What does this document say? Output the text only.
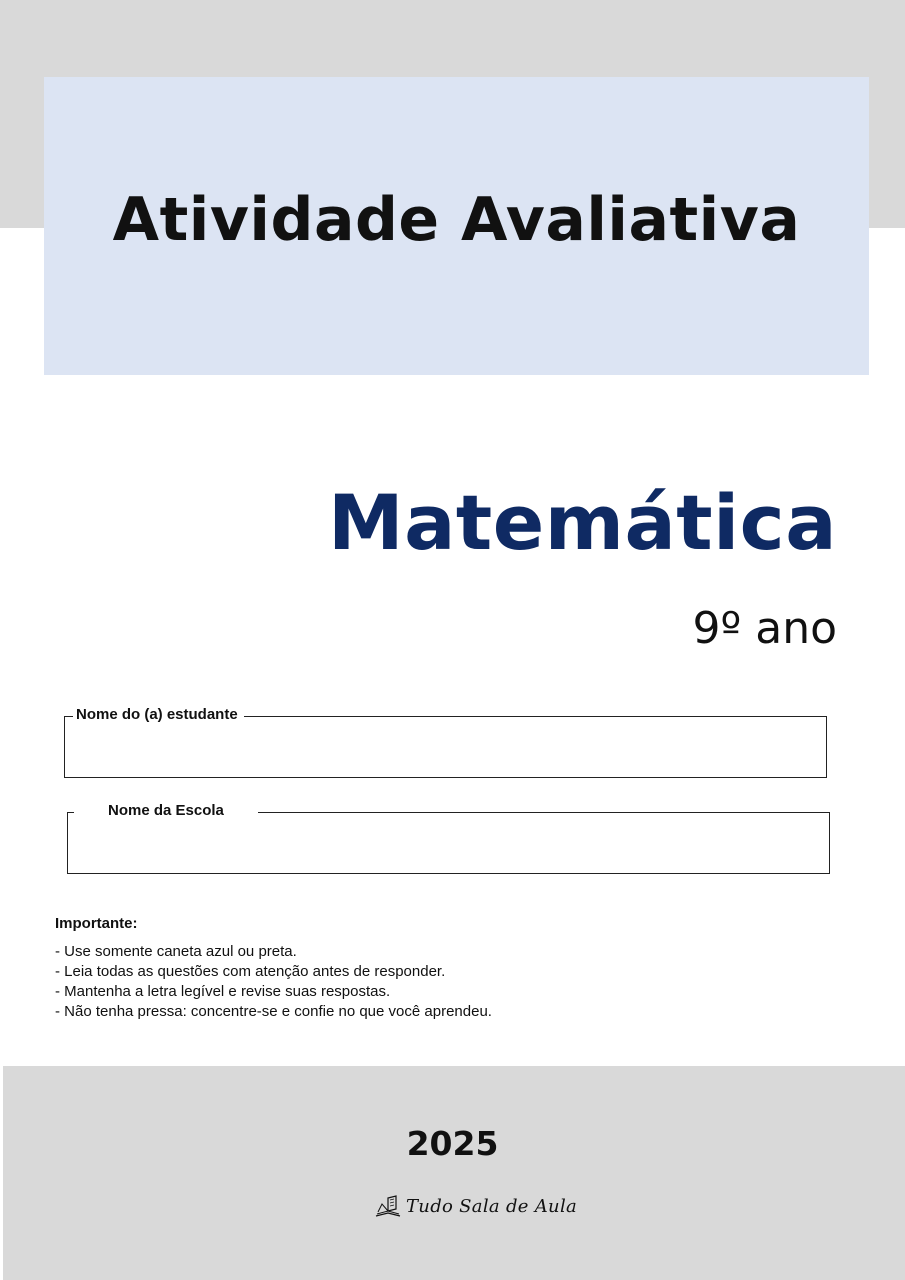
Atividade Avaliativa
Matemática
9º ano
Nome do (a) estudante
Nome da Escola

Importante:

- Use somente caneta azul ou preta.
- Leia todas as questões com atenção antes de responder.
- Mantenha a letra legível e revise suas respostas.
- Não tenha pressa: concentre-se e confie no que você aprendeu.
2025
Tudo Sala de Aula
